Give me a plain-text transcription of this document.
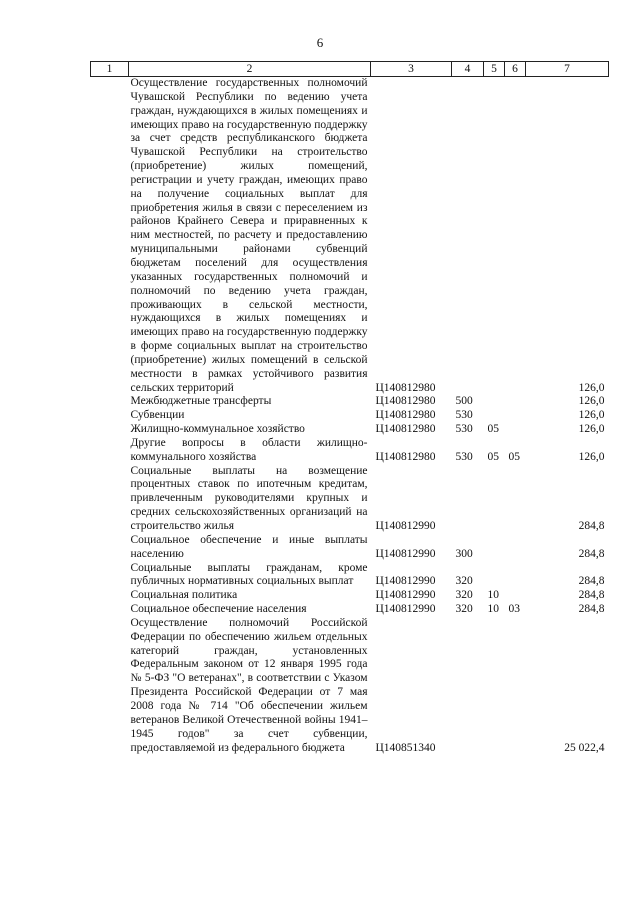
6
1	2	3	4	5	6	7
	Осуществление государственных полномочий Чувашской Республики по ведению учета граждан, нуждающихся в жилых помещениях и имеющих право на государственную поддержку за счет средств республиканского бюджета Чувашской Республики на строительство (приобретение) жилых помещений, регистрации и учету граждан, имеющих право на получение социальных выплат для приобретения жилья в связи с переселением из районов Крайнего Севера и приравненных к ним местностей, по расчету и предоставлению муниципальными районами субвенций бюджетам поселений для осуществления указанных государственных полномочий и полномочий по ведению учета граждан, проживающих в сельской местности, нуждающихся в жилых помещениях и имеющих право на государственную поддержку в форме социальных выплат на строительство (приобретение) жилых помещений в сельской местности в рамках устойчивого развития сельских территорий	Ц140812980				126,0
	Межбюджетные трансферты	Ц140812980	500			126,0
	Субвенции	Ц140812980	530			126,0
	Жилищно-коммунальное хозяйство	Ц140812980	530	05		126,0
	Другие вопросы в области жилищно-коммунального хозяйства	Ц140812980	530	05	05	126,0
	Социальные выплаты на возмещение процентных ставок по ипотечным кредитам, привлеченным руководителями крупных и средних сельскохозяйственных организаций на строительство жилья	Ц140812990				284,8
	Социальное обеспечение и иные выплаты населению	Ц140812990	300			284,8
	Социальные выплаты гражданам, кроме публичных нормативных социальных выплат	Ц140812990	320			284,8
	Социальная политика	Ц140812990	320	10		284,8
	Социальное обеспечение населения	Ц140812990	320	10	03	284,8
	Осуществление полномочий Российской Федерации по обеспечению жильем отдельных категорий граждан, установленных Федеральным законом от 12 января 1995 года № 5-ФЗ "О ветеранах", в соответствии с Указом Президента Российской Федерации от 7 мая 2008 года № 714 "Об обеспечении жильем ветеранов Великой Отечественной войны 1941–1945 годов" за счет субвенции, предоставляемой из федерального бюджета	Ц140851340				25 022,4
